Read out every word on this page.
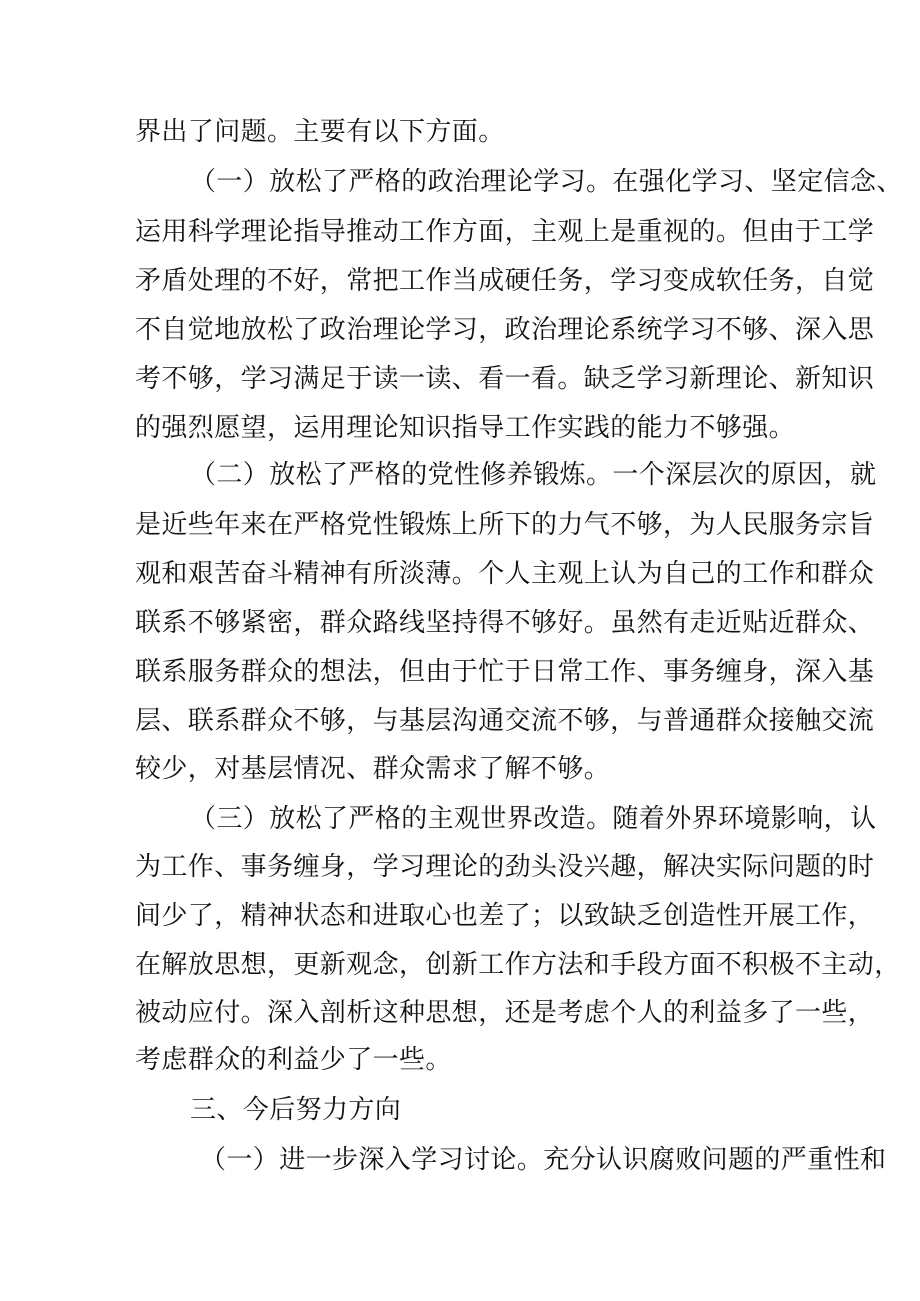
界出了问题。主要有以下方面。
（一）放松了严格的政治理论学习。在强化学习、坚定信念、
运用科学理论指导推动工作方面，主观上是重视的。但由于工学
矛盾处理的不好，常把工作当成硬任务，学习变成软任务，自觉
不自觉地放松了政治理论学习，政治理论系统学习不够、深入思
考不够，学习满足于读一读、看一看。缺乏学习新理论、新知识
的强烈愿望，运用理论知识指导工作实践的能力不够强。
（二）放松了严格的党性修养锻炼。一个深层次的原因，就
是近些年来在严格党性锻炼上所下的力气不够，为人民服务宗旨
观和艰苦奋斗精神有所淡薄。个人主观上认为自己的工作和群众
联系不够紧密，群众路线坚持得不够好。虽然有走近贴近群众、
联系服务群众的想法，但由于忙于日常工作、事务缠身，深入基
层、联系群众不够，与基层沟通交流不够，与普通群众接触交流
较少，对基层情况、群众需求了解不够。
（三）放松了严格的主观世界改造。随着外界环境影响，认
为工作、事务缠身，学习理论的劲头没兴趣，解决实际问题的时
间少了，精神状态和进取心也差了；以致缺乏创造性开展工作，
在解放思想，更新观念，创新工作方法和手段方面不积极不主动，
被动应付。深入剖析这种思想，还是考虑个人的利益多了一些，
考虑群众的利益少了一些。
三、今后努力方向
（一）进一步深入学习讨论。充分认识腐败问题的严重性和
